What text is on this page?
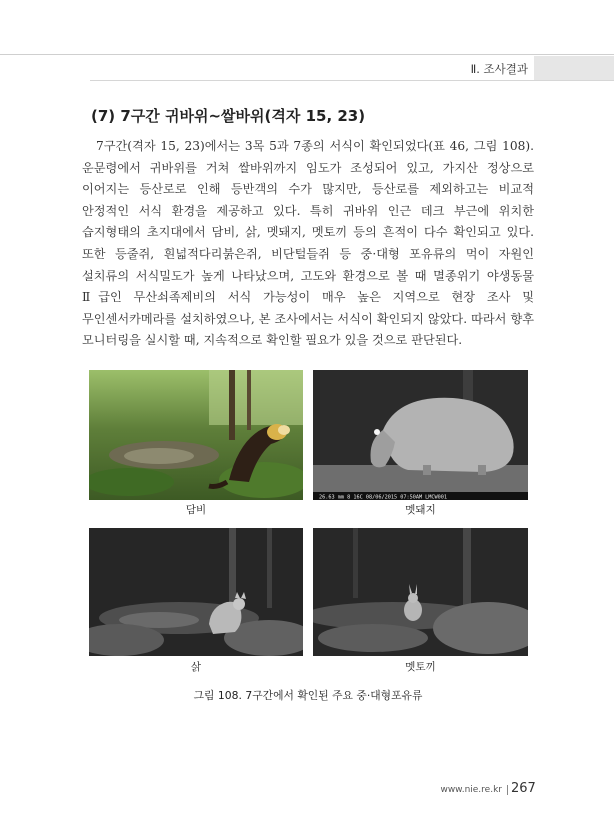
Ⅱ. 조사결과
(7) 7구간 귀바위~쌀바위(격자 15, 23)
7구간(격자 15, 23)에서는 3목 5과 7종의 서식이 확인되었다(표 46, 그림 108).
운문령에서 귀바위를 거쳐 쌀바위까지 임도가 조성되어 있고, 가지산 정상으로
이어지는 등산로로 인해 등반객의 수가 많지만, 등산로를 제외하고는 비교적
안정적인 서식 환경을 제공하고 있다. 특히 귀바위 인근 데크 부근에 위치한
습지형태의 초지대에서 담비, 삵, 멧돼지, 멧토끼 등의 흔적이 다수 확인되고 있다.
또한 등줄쥐, 흰넓적다리붉은쥐, 비단털들쥐 등 중·대형 포유류의 먹이 자원인
설치류의 서식밀도가 높게 나타났으며, 고도와 환경으로 볼 때 멸종위기 야생동물
Ⅱ급인 무산쇠족제비의 서식 가능성이 매우 높은 지역으로 현장 조사 및
무인센서카메라를 설치하였으나, 본 조사에서는 서식이 확인되지 않았다. 따라서 향후
모니터링을 실시할 때, 지속적으로 확인할 필요가 있을 것으로 판단된다.
담비
26.63 mm 8 16C 08/06/2015 07:50AM LMCW001
멧돼지
삵	멧토끼
그림 108. 7구간에서 확인된 주요 중·대형포유류
www.nie.re.kr 267
